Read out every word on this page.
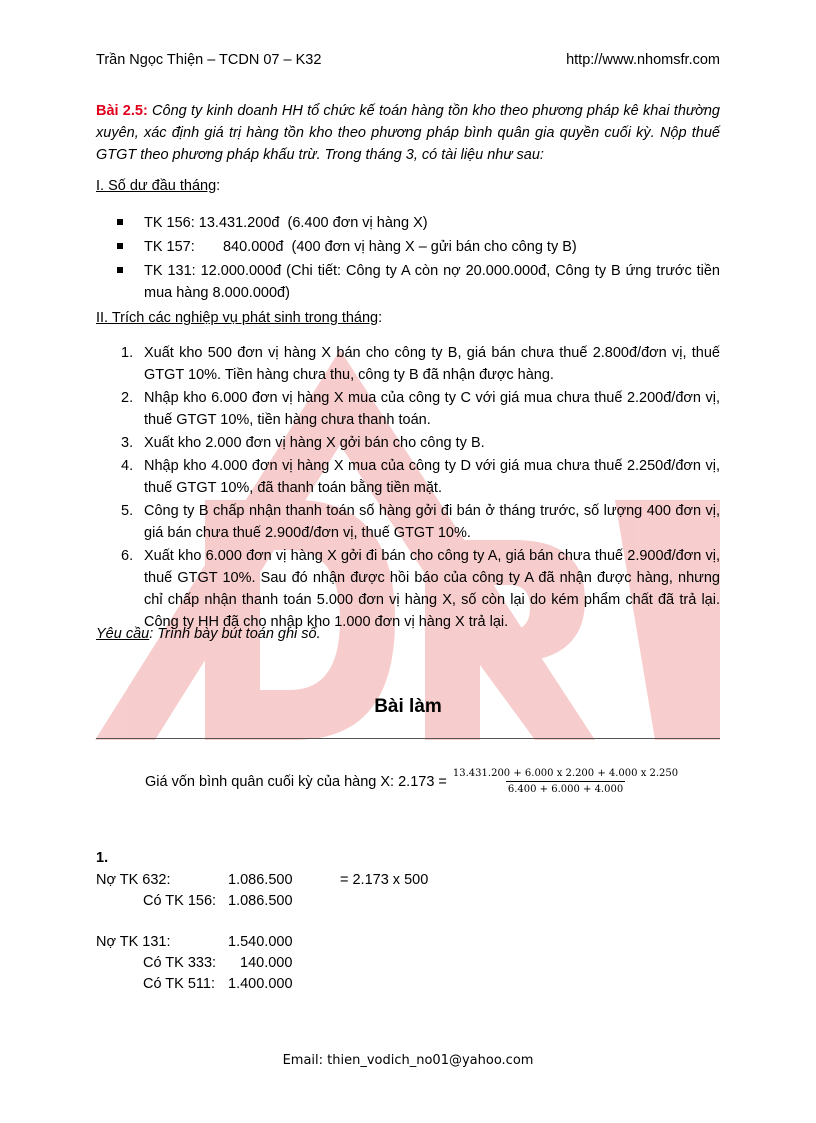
Trần Ngọc Thiện – TCDN 07 – K32	http://www.nhomsfr.com
Bài 2.5: Công ty kinh doanh HH tổ chức kế toán hàng tồn kho theo phương pháp kê khai thường xuyên, xác định giá trị hàng tồn kho theo phương pháp bình quân gia quyền cuối kỳ. Nộp thuế GTGT theo phương pháp khấu trừ. Trong tháng 3, có tài liệu như sau:
I. Số dư đầu tháng:
TK 156: 13.431.200đ  (6.400 đơn vị hàng X)
TK 157:       840.000đ  (400 đơn vị hàng X – gửi bán cho công ty B)
TK 131: 12.000.000đ (Chi tiết: Công ty A còn nợ 20.000.000đ, Công ty B ứng trước tiền mua hàng 8.000.000đ)
II. Trích các nghiệp vụ phát sinh trong tháng:
1. Xuất kho 500 đơn vị hàng X bán cho công ty B, giá bán chưa thuế 2.800đ/đơn vị, thuế GTGT 10%. Tiền hàng chưa thu, công ty B đã nhận được hàng.
2. Nhập kho 6.000 đơn vị hàng X mua của công ty C với giá mua chưa thuế 2.200đ/đơn vị, thuế GTGT 10%, tiền hàng chưa thanh toán.
3. Xuất kho 2.000 đơn vị hàng X gởi bán cho công ty B.
4. Nhập kho 4.000 đơn vị hàng X mua của công ty D với giá mua chưa thuế 2.250đ/đơn vị, thuế GTGT 10%, đã thanh toán bằng tiền mặt.
5. Công ty B chấp nhận thanh toán số hàng gởi đi bán ở tháng trước, số lượng 400 đơn vị, giá bán chưa thuế 2.900đ/đơn vị, thuế GTGT 10%.
6. Xuất kho 6.000 đơn vị hàng X gởi đi bán cho công ty A, giá bán chưa thuế 2.900đ/đơn vị, thuế GTGT 10%. Sau đó nhận được hồi báo của công ty A đã nhận được hàng, nhưng chỉ chấp nhận thanh toán 5.000 đơn vị hàng X, số còn lại do kém phẩm chất đã trả lại. Công ty HH đã cho nhập kho 1.000 đơn vị hàng X trả lại.
Yêu cầu: Trình bày bút toán ghi sổ.
Bài làm
Giá vốn bình quân cuối kỳ của hàng X: $2.173 = \frac{13.431.200 + 6.000 x 2.200 + 4.000 x 2.250}{6.400 + 6.000 + 4.000}$
1.
Nợ TK 632:	1.086.500	= 2.173 x 500
Có TK 156: 1.086.500
Nợ TK 131:	1.540.000
Có TK 333: 140.000
Có TK 511: 1.400.000
Email: thien_vodich_no01@yahoo.com
